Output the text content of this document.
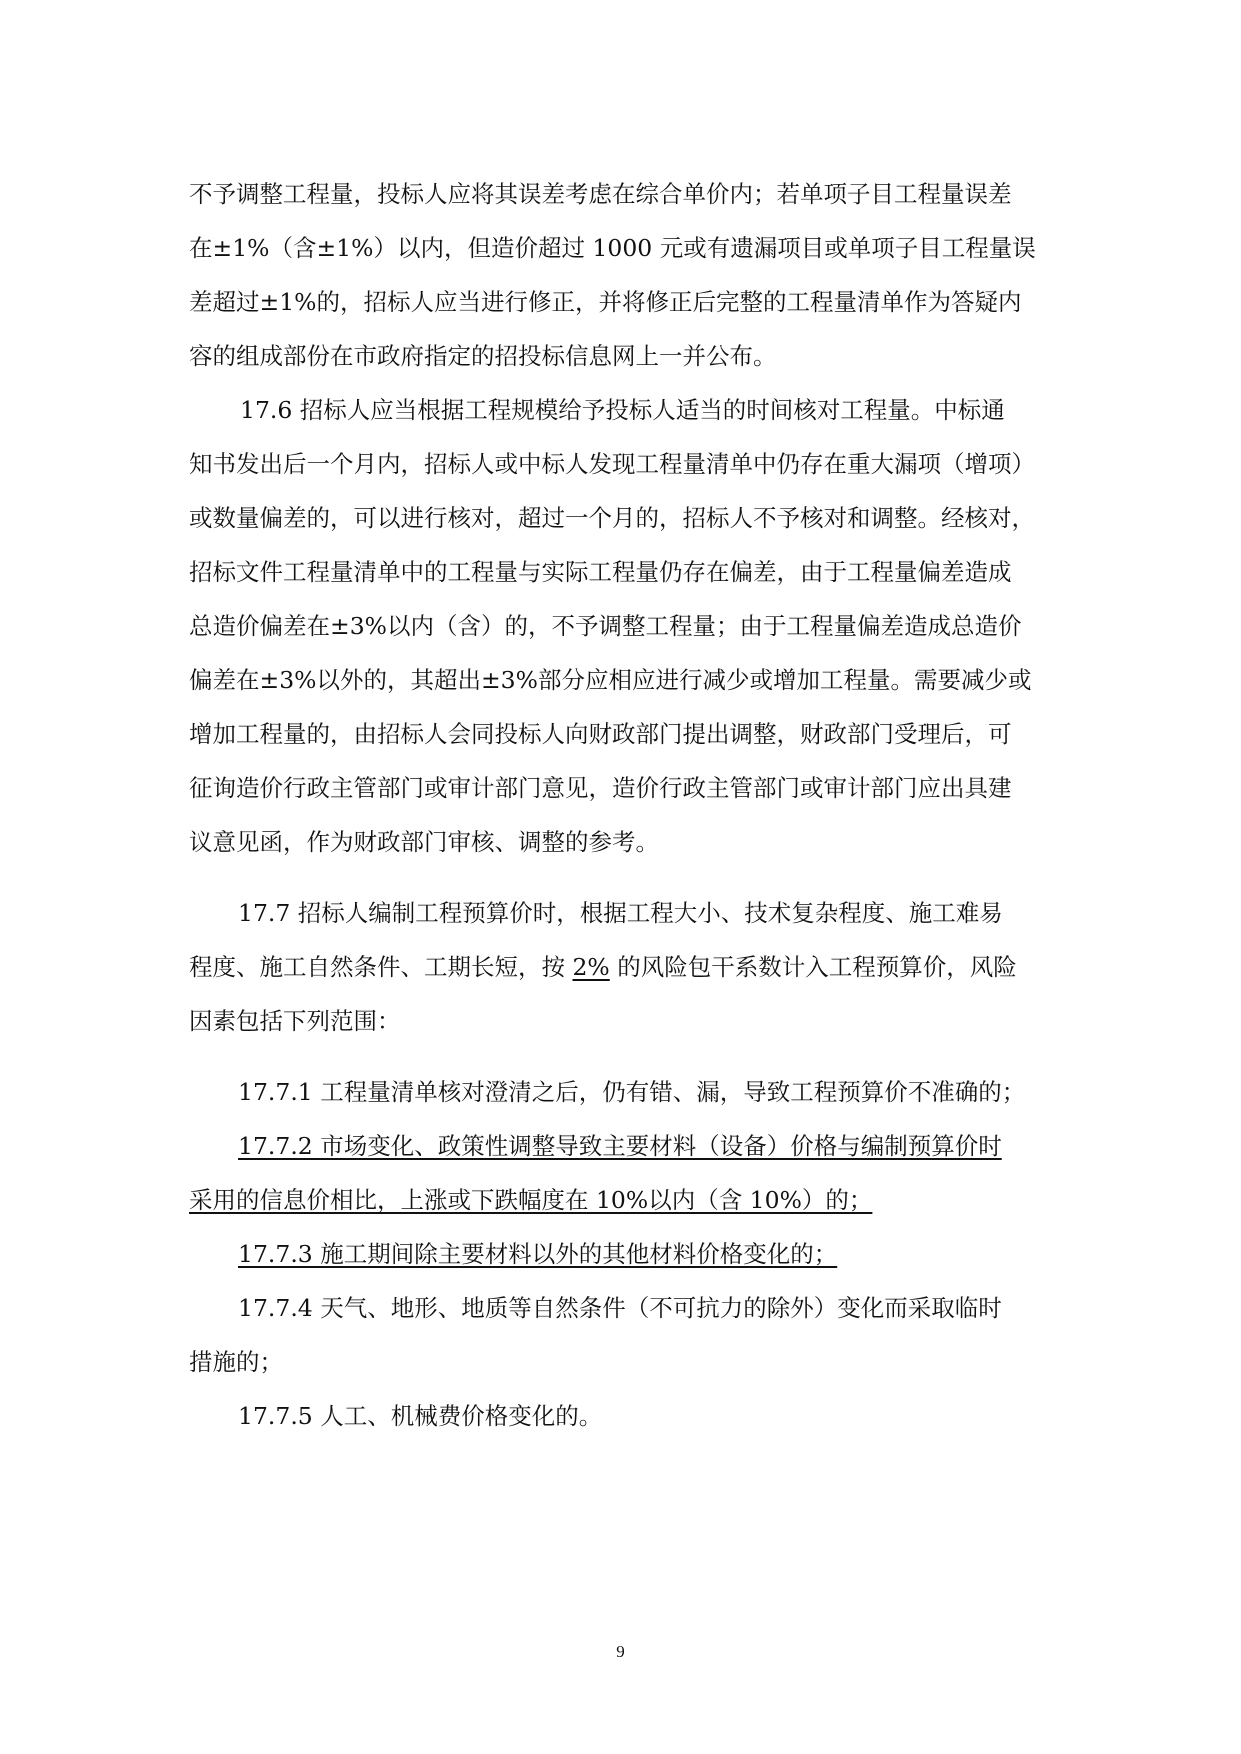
不予调整工程量，投标人应将其误差考虑在综合单价内；若单项子目工程量误差
在±1%（含±1%）以内，但造价超过 1000 元或有遗漏项目或单项子目工程量误
差超过±1%的，招标人应当进行修正，并将修正后完整的工程量清单作为答疑内
容的组成部份在市政府指定的招投标信息网上一并公布。
17.6 招标人应当根据工程规模给予投标人适当的时间核对工程量。中标通
知书发出后一个月内，招标人或中标人发现工程量清单中仍存在重大漏项（增项）
或数量偏差的，可以进行核对，超过一个月的，招标人不予核对和调整。经核对，
招标文件工程量清单中的工程量与实际工程量仍存在偏差，由于工程量偏差造成
总造价偏差在±3%以内（含）的，不予调整工程量；由于工程量偏差造成总造价
偏差在±3%以外的，其超出±3%部分应相应进行减少或增加工程量。需要减少或
增加工程量的，由招标人会同投标人向财政部门提出调整，财政部门受理后，可
征询造价行政主管部门或审计部门意见，造价行政主管部门或审计部门应出具建
议意见函，作为财政部门审核、调整的参考。
17.7 招标人编制工程预算价时，根据工程大小、技术复杂程度、施工难易
程度、施工自然条件、工期长短，按 2% 的风险包干系数计入工程预算价，风险
因素包括下列范围：
17.7.1 工程量清单核对澄清之后，仍有错、漏，导致工程预算价不准确的；
17.7.2 市场变化、政策性调整导致主要材料（设备）价格与编制预算价时
采用的信息价相比，上涨或下跌幅度在 10%以内（含 10%）的；
17.7.3 施工期间除主要材料以外的其他材料价格变化的；
17.7.4 天气、地形、地质等自然条件（不可抗力的除外）变化而采取临时
措施的；
17.7.5 人工、机械费价格变化的。
9
